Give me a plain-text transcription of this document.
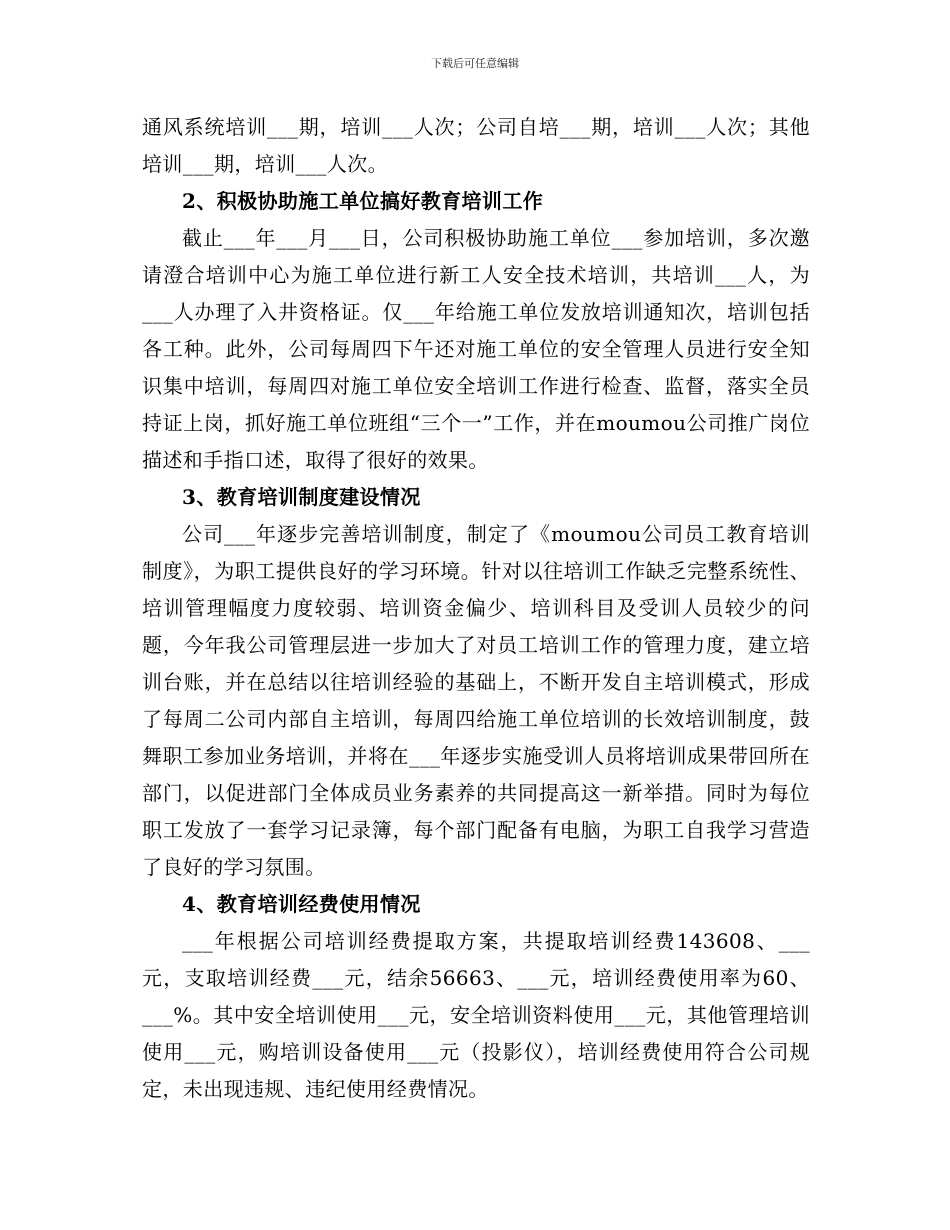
下载后可任意编辑

通风系统培训___期，培训___人次；公司自培___期，培训___人次；其他培训___期，培训___人次。

2、积极协助施工单位搞好教育培训工作

截止___年___月___日，公司积极协助施工单位___参加培训，多次邀请澄合培训中心为施工单位进行新工人安全技术培训，共培训___人，为___人办理了入井资格证。仅___年给施工单位发放培训通知次，培训包括各工种。此外，公司每周四下午还对施工单位的安全管理人员进行安全知识集中培训，每周四对施工单位安全培训工作进行检查、监督，落实全员持证上岗，抓好施工单位班组“三个一”工作，并在moumou公司推广岗位描述和手指口述，取得了很好的效果。

3、教育培训制度建设情况

公司___年逐步完善培训制度，制定了《moumou公司员工教育培训制度》，为职工提供良好的学习环境。针对以往培训工作缺乏完整系统性、培训管理幅度力度较弱、培训资金偏少、培训科目及受训人员较少的问题，今年我公司管理层进一步加大了对员工培训工作的管理力度，建立培训台账，并在总结以往培训经验的基础上，不断开发自主培训模式，形成了每周二公司内部自主培训，每周四给施工单位培训的长效培训制度，鼓舞职工参加业务培训，并将在___年逐步实施受训人员将培训成果带回所在部门，以促进部门全体成员业务素养的共同提高这一新举措。同时为每位职工发放了一套学习记录簿，每个部门配备有电脑，为职工自我学习营造了良好的学习氛围。

4、教育培训经费使用情况

___年根据公司培训经费提取方案，共提取培训经费143608、___元，支取培训经费___元，结余56663、___元，培训经费使用率为60、___%。其中安全培训使用___元，安全培训资料使用___元，其他管理培训使用___元，购培训设备使用___元（投影仪），培训经费使用符合公司规定，未出现违规、违纪使用经费情况。
